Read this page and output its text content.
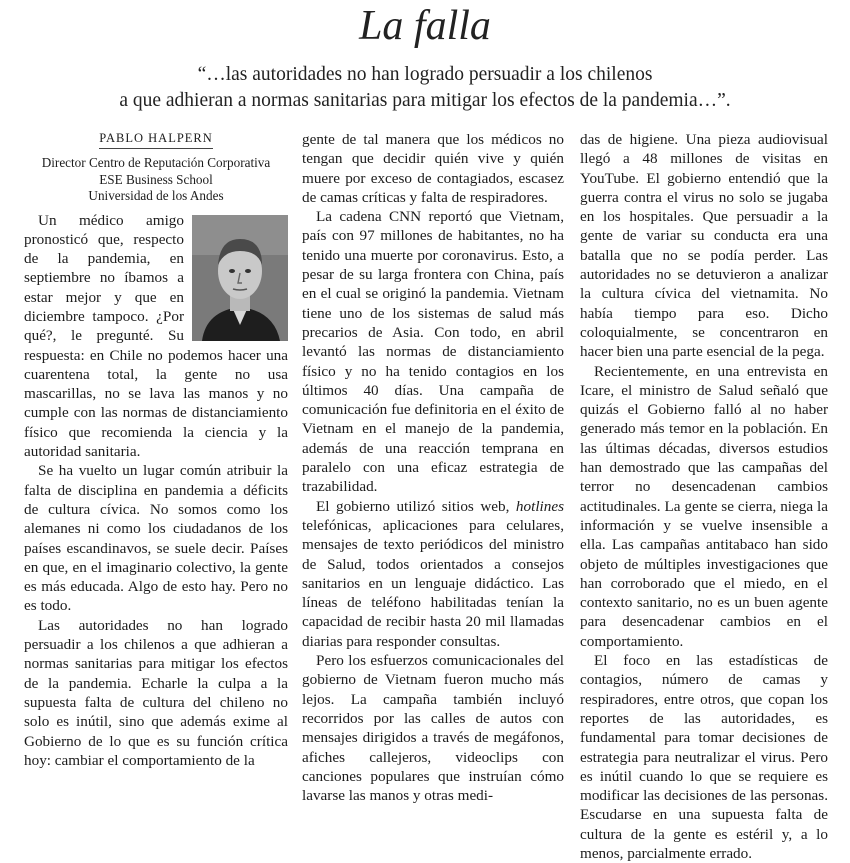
La falla
“…las autoridades no han logrado persuadir a los chilenos
a que adhieran a normas sanitarias para mitigar los efectos de la pandemia…”.
PABLO HALPERN
Director Centro de Reputación Corporativa
ESE Business School
Universidad de los Andes

Un médico amigo pronosticó que, respecto de la pandemia, en septiembre no íbamos a estar mejor y que en diciembre tampoco. ¿Por qué?, le pregunté. Su respuesta: en Chile no podemos hacer una cuarentena total, la gente no usa mascarillas, no se lava las manos y no cumple con las normas de distanciamiento físico que recomienda la ciencia y la autoridad sanitaria.

Se ha vuelto un lugar común atribuir la falta de disciplina en pandemia a déficits de cultura cívica. No somos como los alemanes ni como los ciudadanos de los países escandinavos, se suele decir. Países en que, en el imaginario colectivo, la gente es más educada. Algo de esto hay. Pero no es todo.

Las autoridades no han logrado persuadir a los chilenos a que adhieran a normas sanitarias para mitigar los efectos de la pandemia. Echarle la culpa a la supuesta falta de cultura del chileno no solo es inútil, sino que además exime al Gobierno de lo que es su función crítica hoy: cambiar el comportamiento de la

gente de tal manera que los médicos no tengan que decidir quién vive y quién muere por exceso de contagiados, escasez de camas críticas y falta de respiradores.

La cadena CNN reportó que Vietnam, país con 97 millones de habitantes, no ha tenido una muerte por coronavirus. Esto, a pesar de su larga frontera con China, país en el cual se originó la pandemia. Vietnam tiene uno de los sistemas de salud más precarios de Asia. Con todo, en abril levantó las normas de distanciamiento físico y no ha tenido contagios en los últimos 40 días. Una campaña de comunicación fue definitoria en el éxito de Vietnam en el manejo de la pandemia, además de una reacción temprana en paralelo con una eficaz estrategia de trazabilidad.

El gobierno utilizó sitios web, hotlines telefónicas, aplicaciones para celulares, mensajes de texto periódicos del ministro de Salud, todos orientados a consejos sanitarios en un lenguaje didáctico. Las líneas de teléfono habilitadas tenían la capacidad de recibir hasta 20 mil llamadas diarias para responder consultas.

Pero los esfuerzos comunicacionales del gobierno de Vietnam fueron mucho más lejos. La campaña también incluyó recorridos por las calles de autos con mensajes dirigidos a través de megáfonos, afiches callejeros, videoclips con canciones populares que instruían cómo lavarse las manos y otras medi-

das de higiene. Una pieza audiovisual llegó a 48 millones de visitas en YouTube. El gobierno entendió que la guerra contra el virus no solo se jugaba en los hospitales. Que persuadir a la gente de variar su conducta era una batalla que no se podía perder. Las autoridades no se detuvieron a analizar la cultura cívica del vietnamita. No había tiempo para eso. Dicho coloquialmente, se concentraron en hacer bien una parte esencial de la pega.

Recientemente, en una entrevista en Icare, el ministro de Salud señaló que quizás el Gobierno falló al no haber generado más temor en la población. En las últimas décadas, diversos estudios han demostrado que las campañas del terror no desencadenan cambios actitudinales. La gente se cierra, niega la información y se vuelve insensible a ella. Las campañas antitabaco han sido objeto de múltiples investigaciones que han corroborado que el miedo, en el contexto sanitario, no es un buen agente para desencadenar cambios en el comportamiento.

El foco en las estadísticas de contagios, número de camas y respiradores, entre otros, que copan los reportes de las autoridades, es fundamental para tomar decisiones de estrategia para neutralizar el virus. Pero es inútil cuando lo que se requiere es modificar las decisiones de las personas. Escudarse en una supuesta falta de cultura de la gente es estéril y, a lo menos, parcialmente errado.
